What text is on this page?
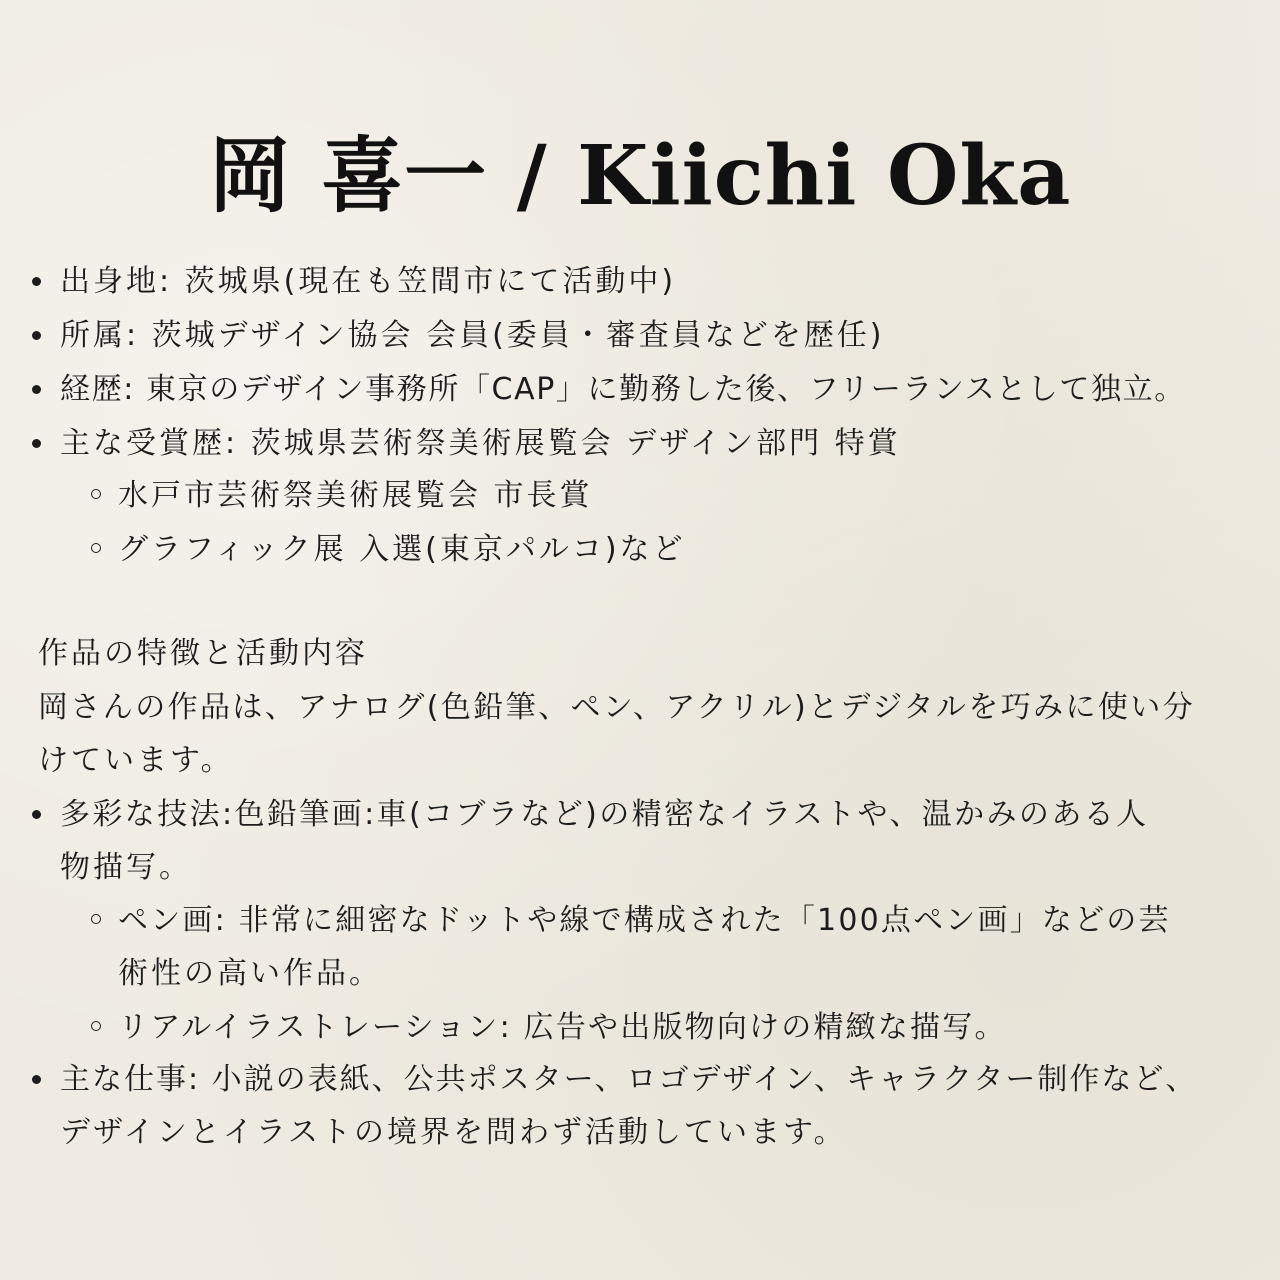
岡 喜一 / Kiichi Oka
出身地: 茨城県(現在も笠間市にて活動中)
所属: 茨城デザイン協会 会員(委員・審査員などを歴任)
経歴: 東京のデザイン事務所「CAP」に勤務した後、フリーランスとして独立。
主な受賞歴: 茨城県芸術祭美術展覧会 デザイン部門 特賞
水戸市芸術祭美術展覧会 市長賞
グラフィック展 入選(東京パルコ)など
作品の特徴と活動内容
岡さんの作品は、アナログ(色鉛筆、ペン、アクリル)とデジタルを巧みに使い分
けています。
多彩な技法:色鉛筆画:車(コブラなど)の精密なイラストや、温かみのある人
物描写。
ペン画: 非常に細密なドットや線で構成された「100点ペン画」などの芸
術性の高い作品。
リアルイラストレーション: 広告や出版物向けの精緻な描写。
主な仕事: 小説の表紙、公共ポスター、ロゴデザイン、キャラクター制作など、
デザインとイラストの境界を問わず活動しています。
